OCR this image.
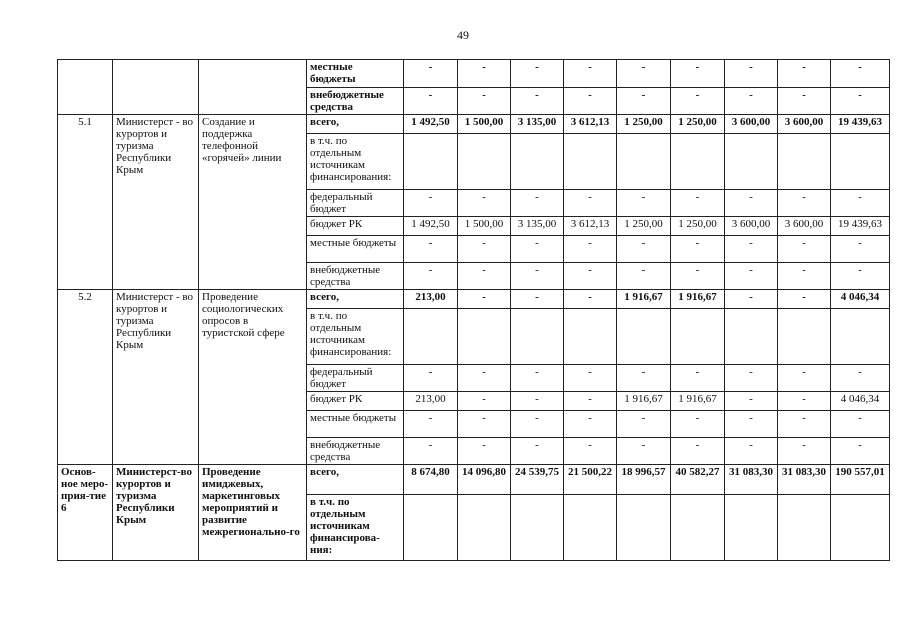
49
			местные бюджеты	-	-	-	-	-	-	-	-	-
			внебюджетные средства	-	-	-	-	-	-	-	-	-
5.1	Министерст - во курортов и туризма Республики Крым	Создание и поддержка телефонной «горячей» линии	всего,	1 492,50	1 500,00	3 135,00	3 612,13	1 250,00	1 250,00	3 600,00	3 600,00	19 439,63
			в т.ч. по отдельным источникам финансирования:									
			федеральный бюджет	-	-	-	-	-	-	-	-	-
			бюджет РК	1 492,50	1 500,00	3 135,00	3 612,13	1 250,00	1 250,00	3 600,00	3 600,00	19 439,63
			местные бюджеты	-	-	-	-	-	-	-	-	-
			внебюджетные средства	-	-	-	-	-	-	-	-	-
5.2	Министерст - во курортов и туризма Республики Крым	Проведение социологических опросов в туристской сфере	всего,	213,00	-	-	-	1 916,67	1 916,67	-	-	4 046,34
			в т.ч. по отдельным источникам финансирования:									
			федеральный бюджет	-	-	-	-	-	-	-	-	-
			бюджет РК	213,00	-	-	-	1 916,67	1 916,67	-	-	4 046,34
			местные бюджеты	-	-	-	-	-	-	-	-	-
			внебюджетные средства	-	-	-	-	-	-	-	-	-
Основ-ное меро-прия-тие 6	Министерст-во курортов и туризма Республики Крым	Проведение имиджевых, маркетинговых мероприятий и развитие межрегионально-го	всего,	8 674,80	14 096,80	24 539,75	21 500,22	18 996,57	40 582,27	31 083,30	31 083,30	190 557,01
			в т.ч. по отдельным источникам финансирова-ния:									
